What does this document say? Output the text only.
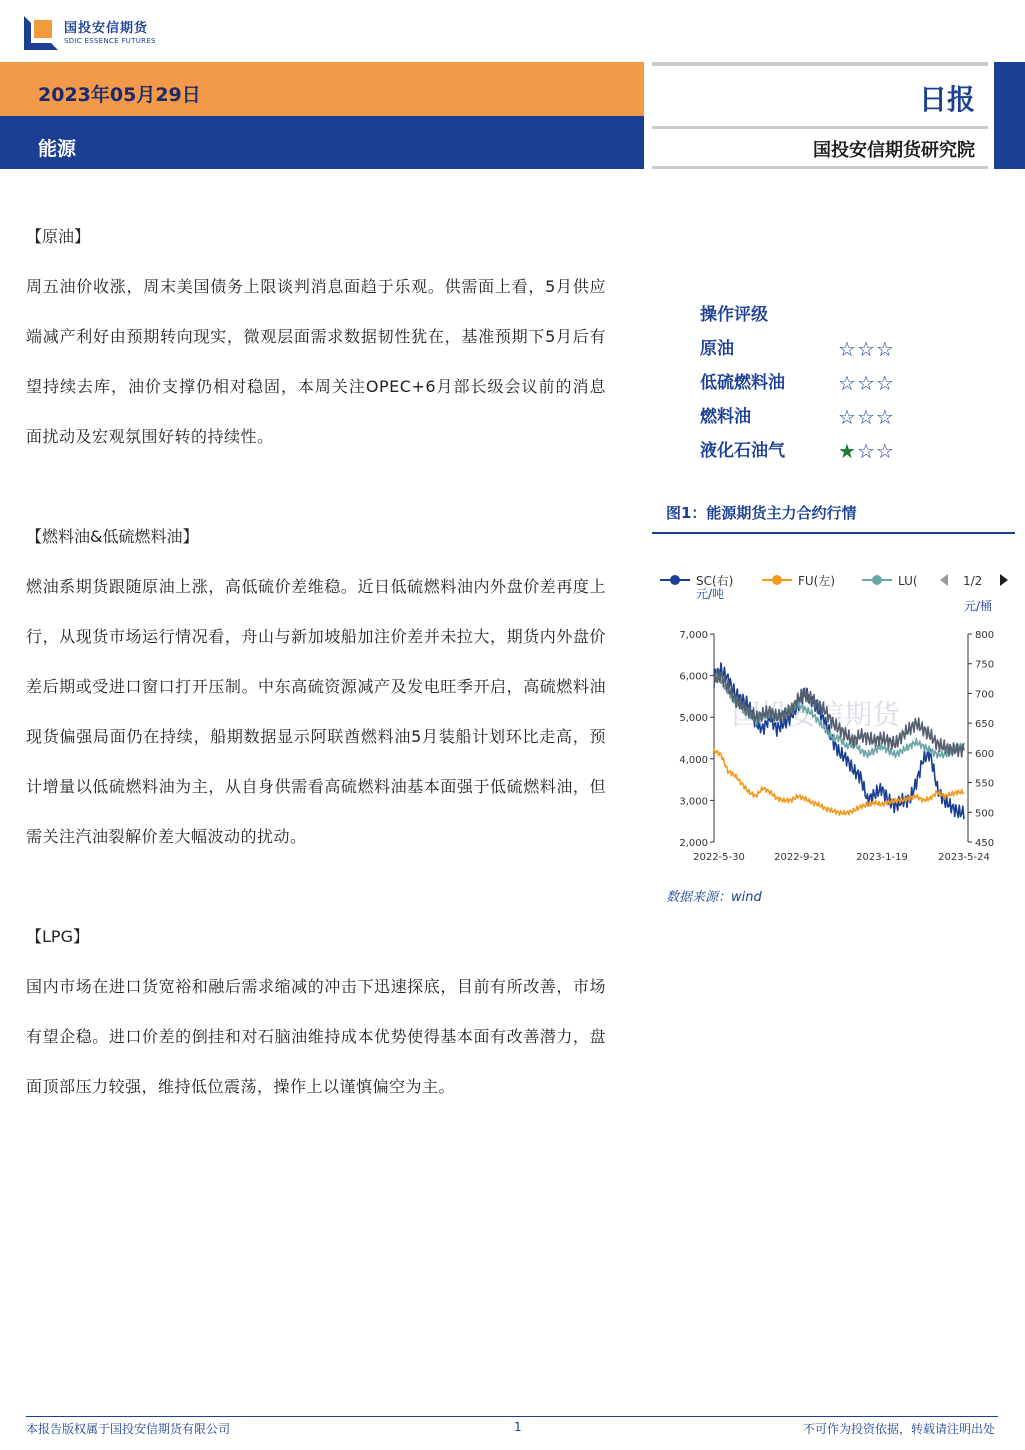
国投安信期货
SDIC ESSENCE FUTURES
2023年05月29日
能源
日报
国投安信期货研究院
【原油】
周五油价收涨，周末美国债务上限谈判消息面趋于乐观。供需面上看，5月供应端减产利好由预期转向现实，微观层面需求数据韧性犹在，基准预期下5月后有望持续去库，油价支撑仍相对稳固，本周关注OPEC+6月部长级会议前的消息面扰动及宏观氛围好转的持续性。
【燃料油&低硫燃料油】
燃油系期货跟随原油上涨，高低硫价差维稳。近日低硫燃料油内外盘价差再度上行，从现货市场运行情况看，舟山与新加坡船加注价差并未拉大，期货内外盘价差后期或受进口窗口打开压制。中东高硫资源减产及发电旺季开启，高硫燃料油现货偏强局面仍在持续，船期数据显示阿联酋燃料油5月装船计划环比走高，预计增量以低硫燃料油为主，从自身供需看高硫燃料油基本面强于低硫燃料油，但需关注汽油裂解价差大幅波动的扰动。
【LPG】
国内市场在进口货宽裕和融后需求缩减的冲击下迅速探底，目前有所改善，市场有望企稳。进口价差的倒挂和对石脑油维持成本优势使得基本面有改善潜力，盘面顶部压力较强，维持低位震荡，操作上以谨慎偏空为主。
操作评级
原油	☆☆☆
低硫燃料油	☆☆☆
燃料油	☆☆☆
液化石油气	★☆☆
图1：能源期货主力合约行情
国投安信期货
SC(右)	FU(左)	LU(	1/2
元/吨
元/桶
2,000
3,000
4,000
5,000
6,000
7,000
450
500
550
600
650
700
750
800
2022-5-30	2022-9-21	2023-1-19	2023-5-24
数据来源：wind
本报告版权属于国投安信期货有限公司	1	不可作为投资依据，转载请注明出处
